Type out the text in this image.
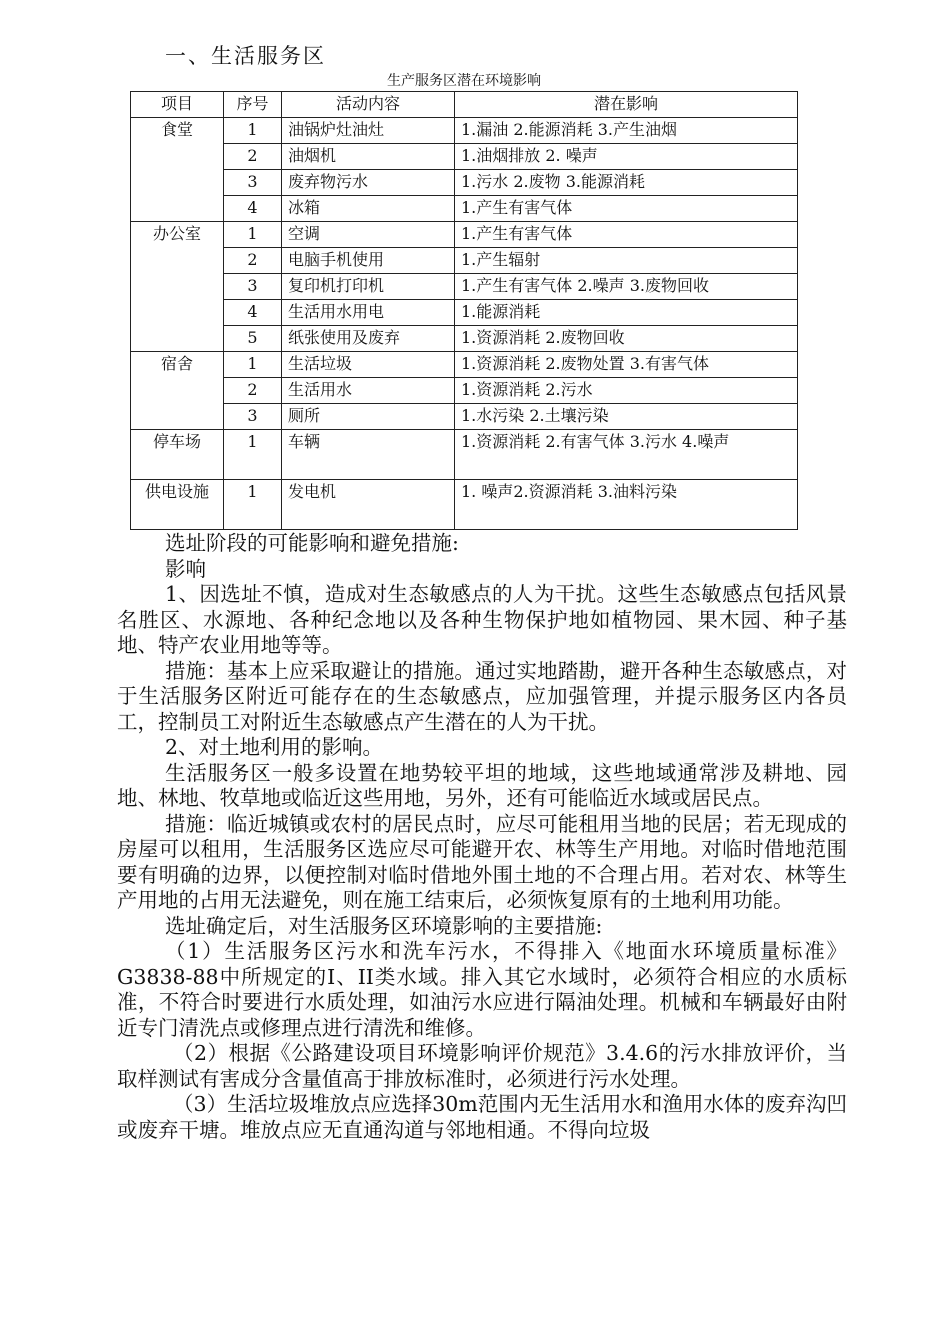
一、生活服务区
生产服务区潜在环境影响
项目	序号	活动内容	潜在影响
食堂	1	油锅炉灶油灶	1.漏油 2.能源消耗 3.产生油烟
	2	油烟机	1.油烟排放 2. 噪声
	3	废弃物污水	1.污水 2.废物 3.能源消耗
	4	冰箱	1.产生有害气体
办公室	1	空调	1.产生有害气体
	2	电脑手机使用	1.产生辐射
	3	复印机打印机	1.产生有害气体 2.噪声 3.废物回收
	4	生活用水用电	1.能源消耗
	5	纸张使用及废弃	1.资源消耗 2.废物回收
宿舍	1	生活垃圾	1.资源消耗 2.废物处置 3.有害气体
	2	生活用水	1.资源消耗 2.污水
	3	厕所	1.水污染 2.土壤污染
停车场	1	车辆	1.资源消耗 2.有害气体 3.污水 4.噪声
供电设施	1	发电机	1. 噪声2.资源消耗 3.油料污染

选址阶段的可能影响和避免措施:

影响

1、因选址不慎，造成对生态敏感点的人为干扰。这些生态敏感点包括风景名胜区、水源地、各种纪念地以及各种生物保护地如植物园、果木园、种子基地、特产农业用地等等。

措施：基本上应采取避让的措施。通过实地踏勘，避开各种生态敏感点，对于生活服务区附近可能存在的生态敏感点，应加强管理，并提示服务区内各员工，控制员工对附近生态敏感点产生潜在的人为干扰。

2、对土地利用的影响。

生活服务区一般多设置在地势较平坦的地域，这些地域通常涉及耕地、园地、林地、牧草地或临近这些用地，另外，还有可能临近水域或居民点。

措施：临近城镇或农村的居民点时，应尽可能租用当地的民居；若无现成的房屋可以租用，生活服务区选应尽可能避开农、林等生产用地。对临时借地范围要有明确的边界，以便控制对临时借地外围土地的不合理占用。若对农、林等生产用地的占用无法避免，则在施工结束后，必须恢复原有的土地利用功能。

选址确定后，对生活服务区环境影响的主要措施:

（1）生活服务区污水和洗车污水，不得排入《地面水环境质量标准》G3838-88中所规定的I、II类水域。排入其它水域时，必须符合相应的水质标准，不符合时要进行水质处理，如油污水应进行隔油处理。机械和车辆最好由附近专门清洗点或修理点进行清洗和维修。

（2）根据《公路建设项目环境影响评价规范》3.4.6的污水排放评价，当取样测试有害成分含量值高于排放标准时，必须进行污水处理。

（3）生活垃圾堆放点应选择30m范围内无生活用水和渔用水体的废弃沟凹或废弃干塘。堆放点应无直通沟道与邻地相通。不得向垃圾
